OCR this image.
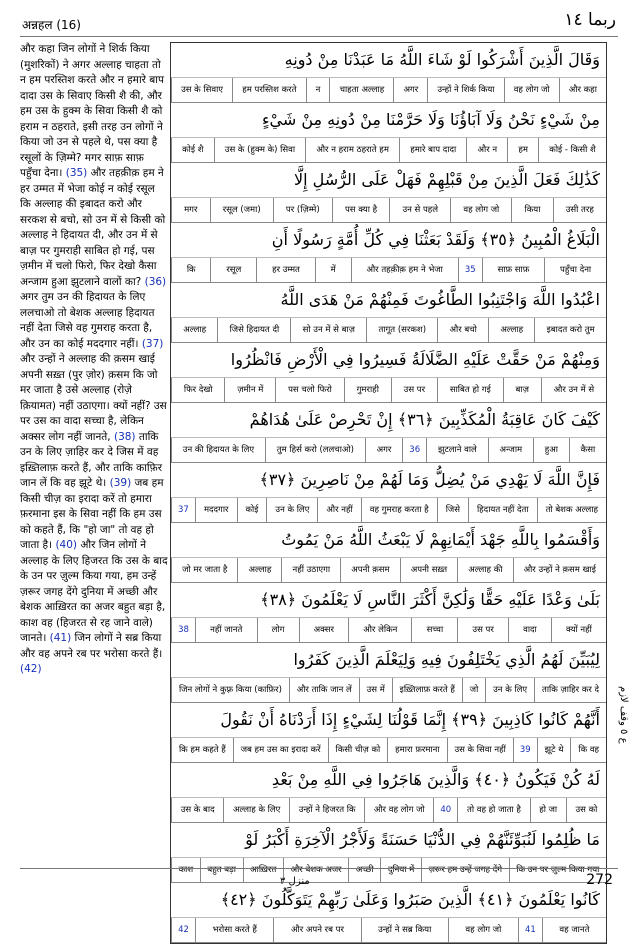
अन्नहल (16)	ربما ١٤

और कहा जिन लोगों ने शिर्क किया (मुशरिकों) ने अगर अल्लाह चाहता तो न हम परस्तिश करते और न हमारे बाप दादा उस के सिवाए किसी शै की, और हम उस के हुक्म के सिवा किसी शै को हराम न ठहराते, इसी तरह उन लोगों ने किया जो उन से पहले थे, पस क्या है रसूलों के ज़िम्मे? मगर साफ़ साफ़ पहुँचा देना। (35) और तहक़ीक़ हम ने हर उम्मत में भेजा कोई न कोई रसूल कि अल्लाह की इबादत करो और सरकश से बचो, सो उन में से किसी को अल्लाह ने हिदायत दी, और उन में से बाज़ पर गुमराही साबित हो गई, पस ज़मीन में चलो फिरो, फिर देखो कैसा अन्जाम हुआ झुटलाने वालों का? (36) अगर तुम उन की हिदायत के लिए ललचाओ तो बेशक अल्लाह हिदायत नहीं देता जिसे वह गुमराह करता है, और उन का कोई मददगार नहीं। (37) और उन्हों ने अल्लाह की क़सम खाई अपनी सख़्त (पुर ज़ोर) क़सम कि जो मर जाता है उसे अल्लाह (रोज़े क़ियामत) नहीं उठाएगा। क्यों नहीं? उस पर उस का वादा सच्चा है, लेकिन अक्सर लोग नहीं जानते, (38) ताकि उन के लिए ज़ाहिर कर दे जिस में वह इख़्तिलाफ़ करते हैं, और ताकि काफ़िर जान लें कि वह झूटे थे। (39) जब हम किसी चीज़ का इरादा करें तो हमारा फ़रमाना इस के सिवा नहीं कि हम उस को कहते हैं, कि "हो जा" तो वह हो जाता है। (40) और जिन लोगों ने अल्लाह के लिए हिजरत कि उस के बाद के उन पर ज़ुल्म किया गया, हम उन्हें ज़रूर जगह देंगे दुनिया में अच्छी और बेशक आख़िरत का अजर बहुत बड़ा है, काश वह (हिजरत से रह जाने वाले) जानते। (41) जिन लोगों ने सब्र किया और वह अपने रब पर भरोसा करते हैं। (42)

وَقَالَ الَّذِينَ أَشْرَكُوا لَوْ شَاءَ اللَّهُ مَا عَبَدْنَا مِنْ دُونِهِ
और कहा
वह लोग जो
उन्हों ने शिर्क किया
अगर
चाहता अल्लाह
न
हम परस्तिश करते
उस के सिवाए
مِنْ شَيْءٍ نَحْنُ وَلَا آبَاؤُنَا وَلَا حَرَّمْنَا مِنْ دُونِهِ مِنْ شَيْءٍ
कोई - किसी शै
हम
और न
हमारे बाप दादा
और न हराम ठहराते हम
उस के (हुक्म के) सिवा
कोई शै
كَذَٰلِكَ فَعَلَ الَّذِينَ مِنْ قَبْلِهِمْ فَهَلْ عَلَى الرُّسُلِ إِلَّا
उसी तरह
किया
वह लोग जो
उन से पहले
पस क्या है
पर (ज़िम्मे)
रसूल (जमा)
मगर
الْبَلَاغُ الْمُبِينُ ﴿٣٥﴾ وَلَقَدْ بَعَثْنَا فِي كُلِّ أُمَّةٍ رَسُولًا أَنِ
पहुँचा देना
साफ़ साफ़
35
और तहक़ीक़ हम ने भेजा
में
हर उम्मत
रसूल
कि
اعْبُدُوا اللَّهَ وَاجْتَنِبُوا الطَّاغُوتَ فَمِنْهُمْ مَنْ هَدَى اللَّهُ
इबादत करो तुम
अल्लाह
और बचो
तागूत (सरकश)
सो उन में से बाज़
जिसे हिदायत दी
अल्लाह
وَمِنْهُمْ مَنْ حَقَّتْ عَلَيْهِ الضَّلَالَةُ فَسِيرُوا فِي الْأَرْضِ فَانْظُرُوا
और उन में से
बाज़
साबित हो गई
उस पर
गुमराही
पस चलो फिरो
ज़मीन में
फिर देखो
كَيْفَ كَانَ عَاقِبَةُ الْمُكَذِّبِينَ ﴿٣٦﴾ إِنْ تَحْرِصْ عَلَىٰ هُدَاهُمْ
कैसा
हुआ
अन्जाम
झुटलाने वाले
36
अगर
तुम हिर्स करो (ललचाओ)
उन की हिदायत के लिए
فَإِنَّ اللَّهَ لَا يَهْدِي مَنْ يُضِلُّ وَمَا لَهُمْ مِنْ نَاصِرِينَ ﴿٣٧﴾
तो बेशक अल्लाह
हिदायत नहीं देता
जिसे
वह गुमराह करता है
और नहीं
उन के लिए
कोई
मददगार
37
وَأَقْسَمُوا بِاللَّهِ جَهْدَ أَيْمَانِهِمْ لَا يَبْعَثُ اللَّهُ مَنْ يَمُوتُ
और उन्हों ने क़सम खाई
अल्लाह की
अपनी सख़्त
अपनी क़सम
नहीं उठाएगा
अल्लाह
जो मर जाता है
بَلَىٰ وَعْدًا عَلَيْهِ حَقًّا وَلَٰكِنَّ أَكْثَرَ النَّاسِ لَا يَعْلَمُونَ ﴿٣٨﴾
क्यों नहीं
वादा
उस पर
सच्चा
और लेकिन
अक्सर
लोग
नहीं जानते
38
لِيُبَيِّنَ لَهُمُ الَّذِي يَخْتَلِفُونَ فِيهِ وَلِيَعْلَمَ الَّذِينَ كَفَرُوا
ताकि ज़ाहिर कर दे
उन के लिए
जो
इख़्तिलाफ़ करते हैं
उस में
और ताकि जान लें
जिन लोगों ने कुफ़्र किया (काफ़िर)
أَنَّهُمْ كَانُوا كَاذِبِينَ ﴿٣٩﴾ إِنَّمَا قَوْلُنَا لِشَيْءٍ إِذَا أَرَدْنَاهُ أَنْ نَقُولَ
कि वह
झूटे थे
39
उस के सिवा नहीं
हमारा फ़रमाना
किसी चीज़ को
जब हम उस का इरादा करें
कि हम कहते हैं
لَهُ كُنْ فَيَكُونُ ﴿٤٠﴾ وَالَّذِينَ هَاجَرُوا فِي اللَّهِ مِنْ بَعْدِ
उस को
हो जा
तो वह हो जाता है
40
और वह लोग जो
उन्हों ने हिजरत कि
अल्लाह के लिए
उस के बाद
مَا ظُلِمُوا لَنُبَوِّئَنَّهُمْ فِي الدُّنْيَا حَسَنَةً وَلَأَجْرُ الْآخِرَةِ أَكْبَرُ لَوْ
कि उन पर ज़ुल्म किया गया
ज़रूर हम उन्हें जगह देंगे
दुनिया में
अच्छी
और बेशक अजर
आख़िरत
बहुत बड़ा
काश
كَانُوا يَعْلَمُونَ ﴿٤١﴾ الَّذِينَ صَبَرُوا وَعَلَىٰ رَبِّهِمْ يَتَوَكَّلُونَ ﴿٤٢﴾
वह जानते
41
वह लोग जो
उन्हों ने सब्र किया
और अपने रब पर
भरोसा करते हैं
42
ع ٥ وقف لازم
منزل ٣	272
